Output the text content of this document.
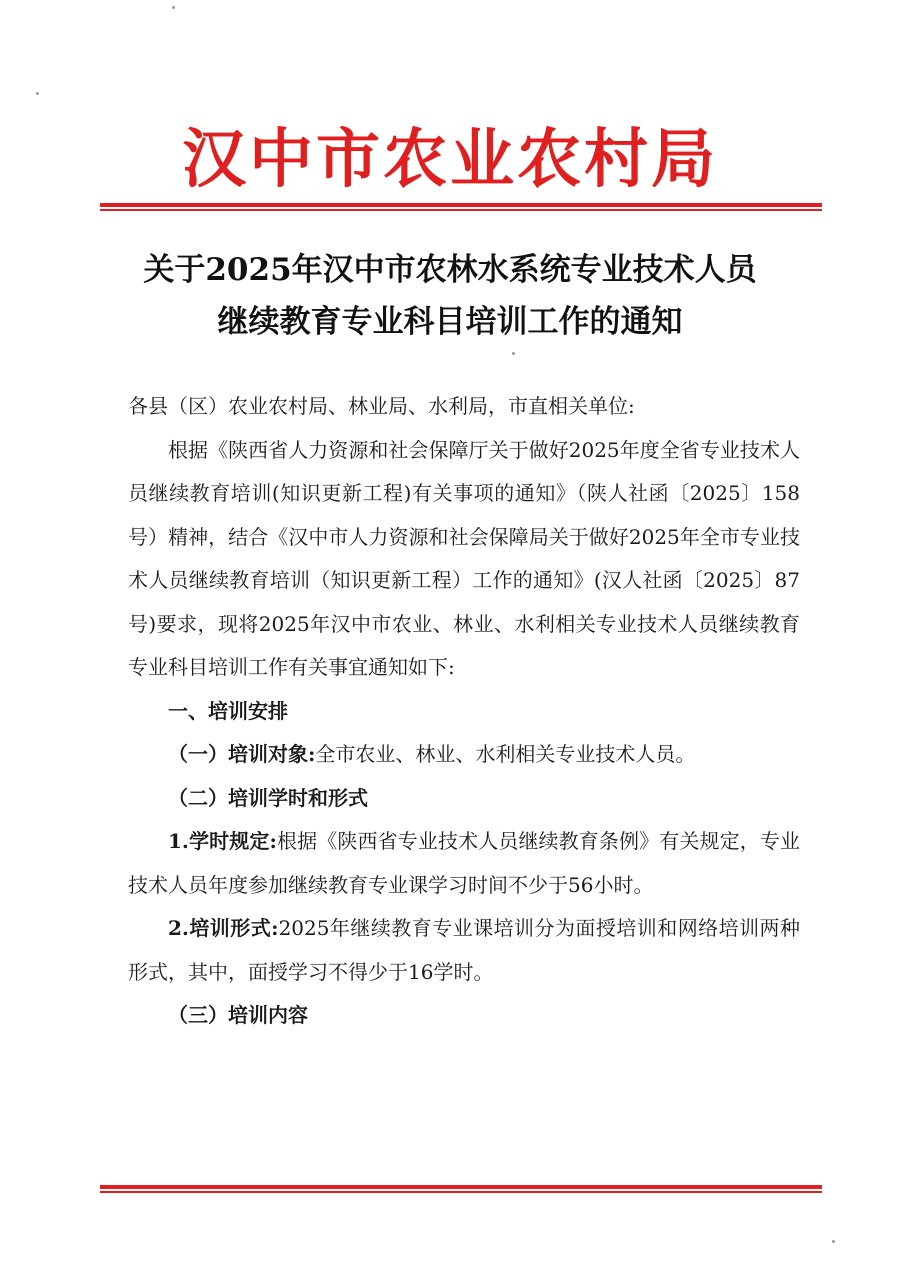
汉中市农业农村局
关于2025年汉中市农林水系统专业技术人员
继续教育专业科目培训工作的通知

各县（区）农业农村局、林业局、水利局，市直相关单位:

根据《陕西省人力资源和社会保障厅关于做好2025年度全省专业技术人员继续教育培训(知识更新工程)有关事项的通知》（陕人社函〔2025〕158号）精神，结合《汉中市人力资源和社会保障局关于做好2025年全市专业技术人员继续教育培训（知识更新工程）工作的通知》(汉人社函〔2025〕87号)要求，现将2025年汉中市农业、林业、水利相关专业技术人员继续教育专业科目培训工作有关事宜通知如下:

一、培训安排

（一）培训对象:全市农业、林业、水利相关专业技术人员。

（二）培训学时和形式

1.学时规定:根据《陕西省专业技术人员继续教育条例》有关规定，专业技术人员年度参加继续教育专业课学习时间不少于56小时。

2.培训形式:2025年继续教育专业课培训分为面授培训和网络培训两种形式，其中，面授学习不得少于16学时。

（三）培训内容
